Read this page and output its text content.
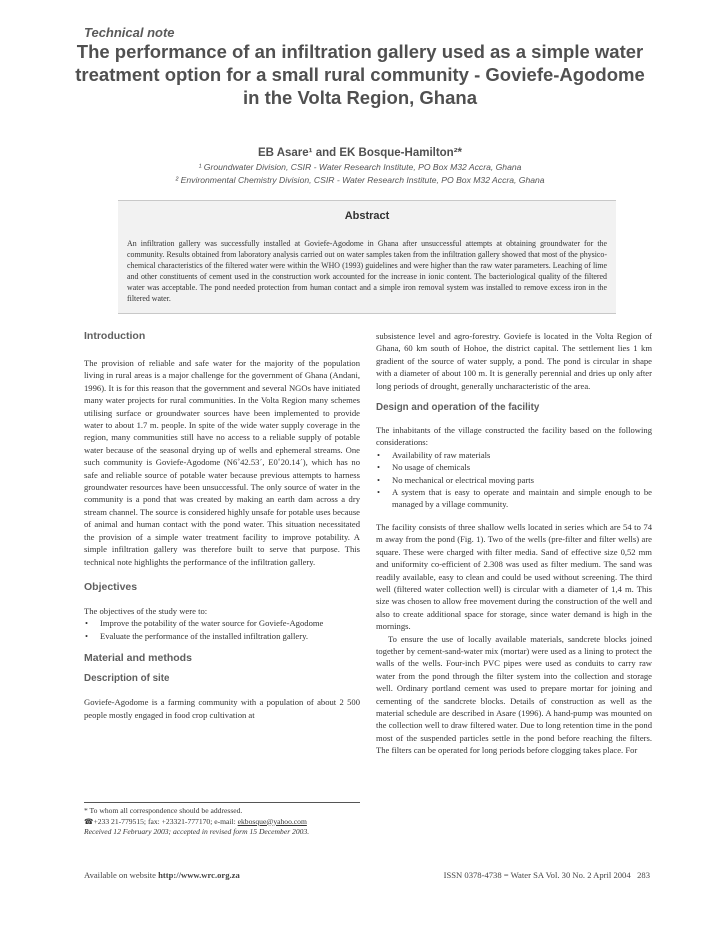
Technical note
The performance of an infiltration gallery used as a simple water treatment option for a small rural community - Goviefe-Agodome in the Volta Region, Ghana
EB Asare¹ and EK Bosque-Hamilton²*
¹ Groundwater Division, CSIR - Water Research Institute, PO Box M32 Accra, Ghana
² Environmental Chemistry Division, CSIR - Water Research Institute, PO Box M32 Accra, Ghana
Abstract
An infiltration gallery was successfully installed at Goviefe-Agodome in Ghana after unsuccessful attempts at obtaining groundwater for the community. Results obtained from laboratory analysis carried out on water samples taken from the infiltration gallery showed that most of the physico-chemical characteristics of the filtered water were within the WHO (1993) guidelines and were higher than the raw water parameters. Leaching of lime and other constituents of cement used in the construction work accounted for the increase in ionic content. The bacteriological quality of the filtered water was acceptable. The pond needed protection from human contact and a simple iron removal system was installed to remove excess iron in the filtered water.

Introduction

The provision of reliable and safe water for the majority of the population living in rural areas is a major challenge for the government of Ghana (Andani, 1996). It is for this reason that the government and several NGOs have initiated many water projects for rural communities. In the Volta Region many schemes utilising surface or groundwater sources have been implemented to provide water to about 1.7 m. people. In spite of the wide water supply coverage in the region, many communities still have no access to a reliable supply of potable water because of the seasonal drying up of wells and ephemeral streams. One such community is Goviefe-Agodome (N6˚42.53´, E0˚20.14´), which has no safe and reliable source of potable water because previous attempts to harness groundwater resources have been unsuccessful. The only source of water in the community is a pond that was created by making an earth dam across a dry stream channel. The source is considered highly unsafe for potable uses because of animal and human contact with the pond water. This situation necessitated the provision of a simple water treatment facility to improve potability. A simple infiltration gallery was therefore built to serve that purpose. This technical note highlights the performance of the infiltration gallery.

Objectives

The objectives of the study were to:

• Improve the potability of the water source for Goviefe-Agodome
• Evaluate the performance of the installed infiltration gallery.

Material and methods

Description of site

Goviefe-Agodome is a farming community with a population of about 2 500 people mostly engaged in food crop cultivation at

* To whom all correspondence should be addressed.
☎+233 21-779515; fax: +23321-777170; e-mail: ekbosque@yahoo.com
Received 12 February 2003; accepted in revised form 15 December 2003.

subsistence level and agro-forestry. Goviefe is located in the Volta Region of Ghana, 60 km south of Hohoe, the district capital. The settlement lies 1 km gradient of the source of water supply, a pond. The pond is circular in shape with a diameter of about 100 m. It is generally perennial and dries up only after long periods of drought, generally uncharacteristic of the area.

Design and operation of the facility

The inhabitants of the village constructed the facility based on the following considerations:

• Availability of raw materials
• No usage of chemicals
• No mechanical or electrical moving parts
• A system that is easy to operate and maintain and simple enough to be managed by a village community.

The facility consists of three shallow wells located in series which are 54 to 74 m away from the pond (Fig. 1). Two of the wells (pre-filter and filter wells) are square. These were charged with filter media. Sand of effective size 0,52 mm and uniformity co-efficient of 2.308 was used as filter medium. The sand was readily available, easy to clean and could be used without screening. The third well (filtered water collection well) is circular with a diameter of 1,4 m. This size was chosen to allow free movement during the construction of the well and also to create additional space for storage, since water demand is high in the mornings.

To ensure the use of locally available materials, sandcrete blocks joined together by cement-sand-water mix (mortar) were used as a lining to protect the walls of the wells. Four-inch PVC pipes were used as conduits to carry raw water from the pond through the filter system into the collection and storage well. Ordinary portland cement was used to prepare mortar for joining and cementing of the sandcrete blocks. Details of construction as well as the material schedule are described in Asare (1996). A hand-pump was mounted on the collection well to draw filtered water. Due to long retention time in the pond most of the suspended particles settle in the pond before reaching the filters. The filters can be operated for long periods before clogging takes place. For

Available on website http://www.wrc.org.za	ISSN 0378-4738 = Water SA Vol. 30 No. 2 April 2004 283
